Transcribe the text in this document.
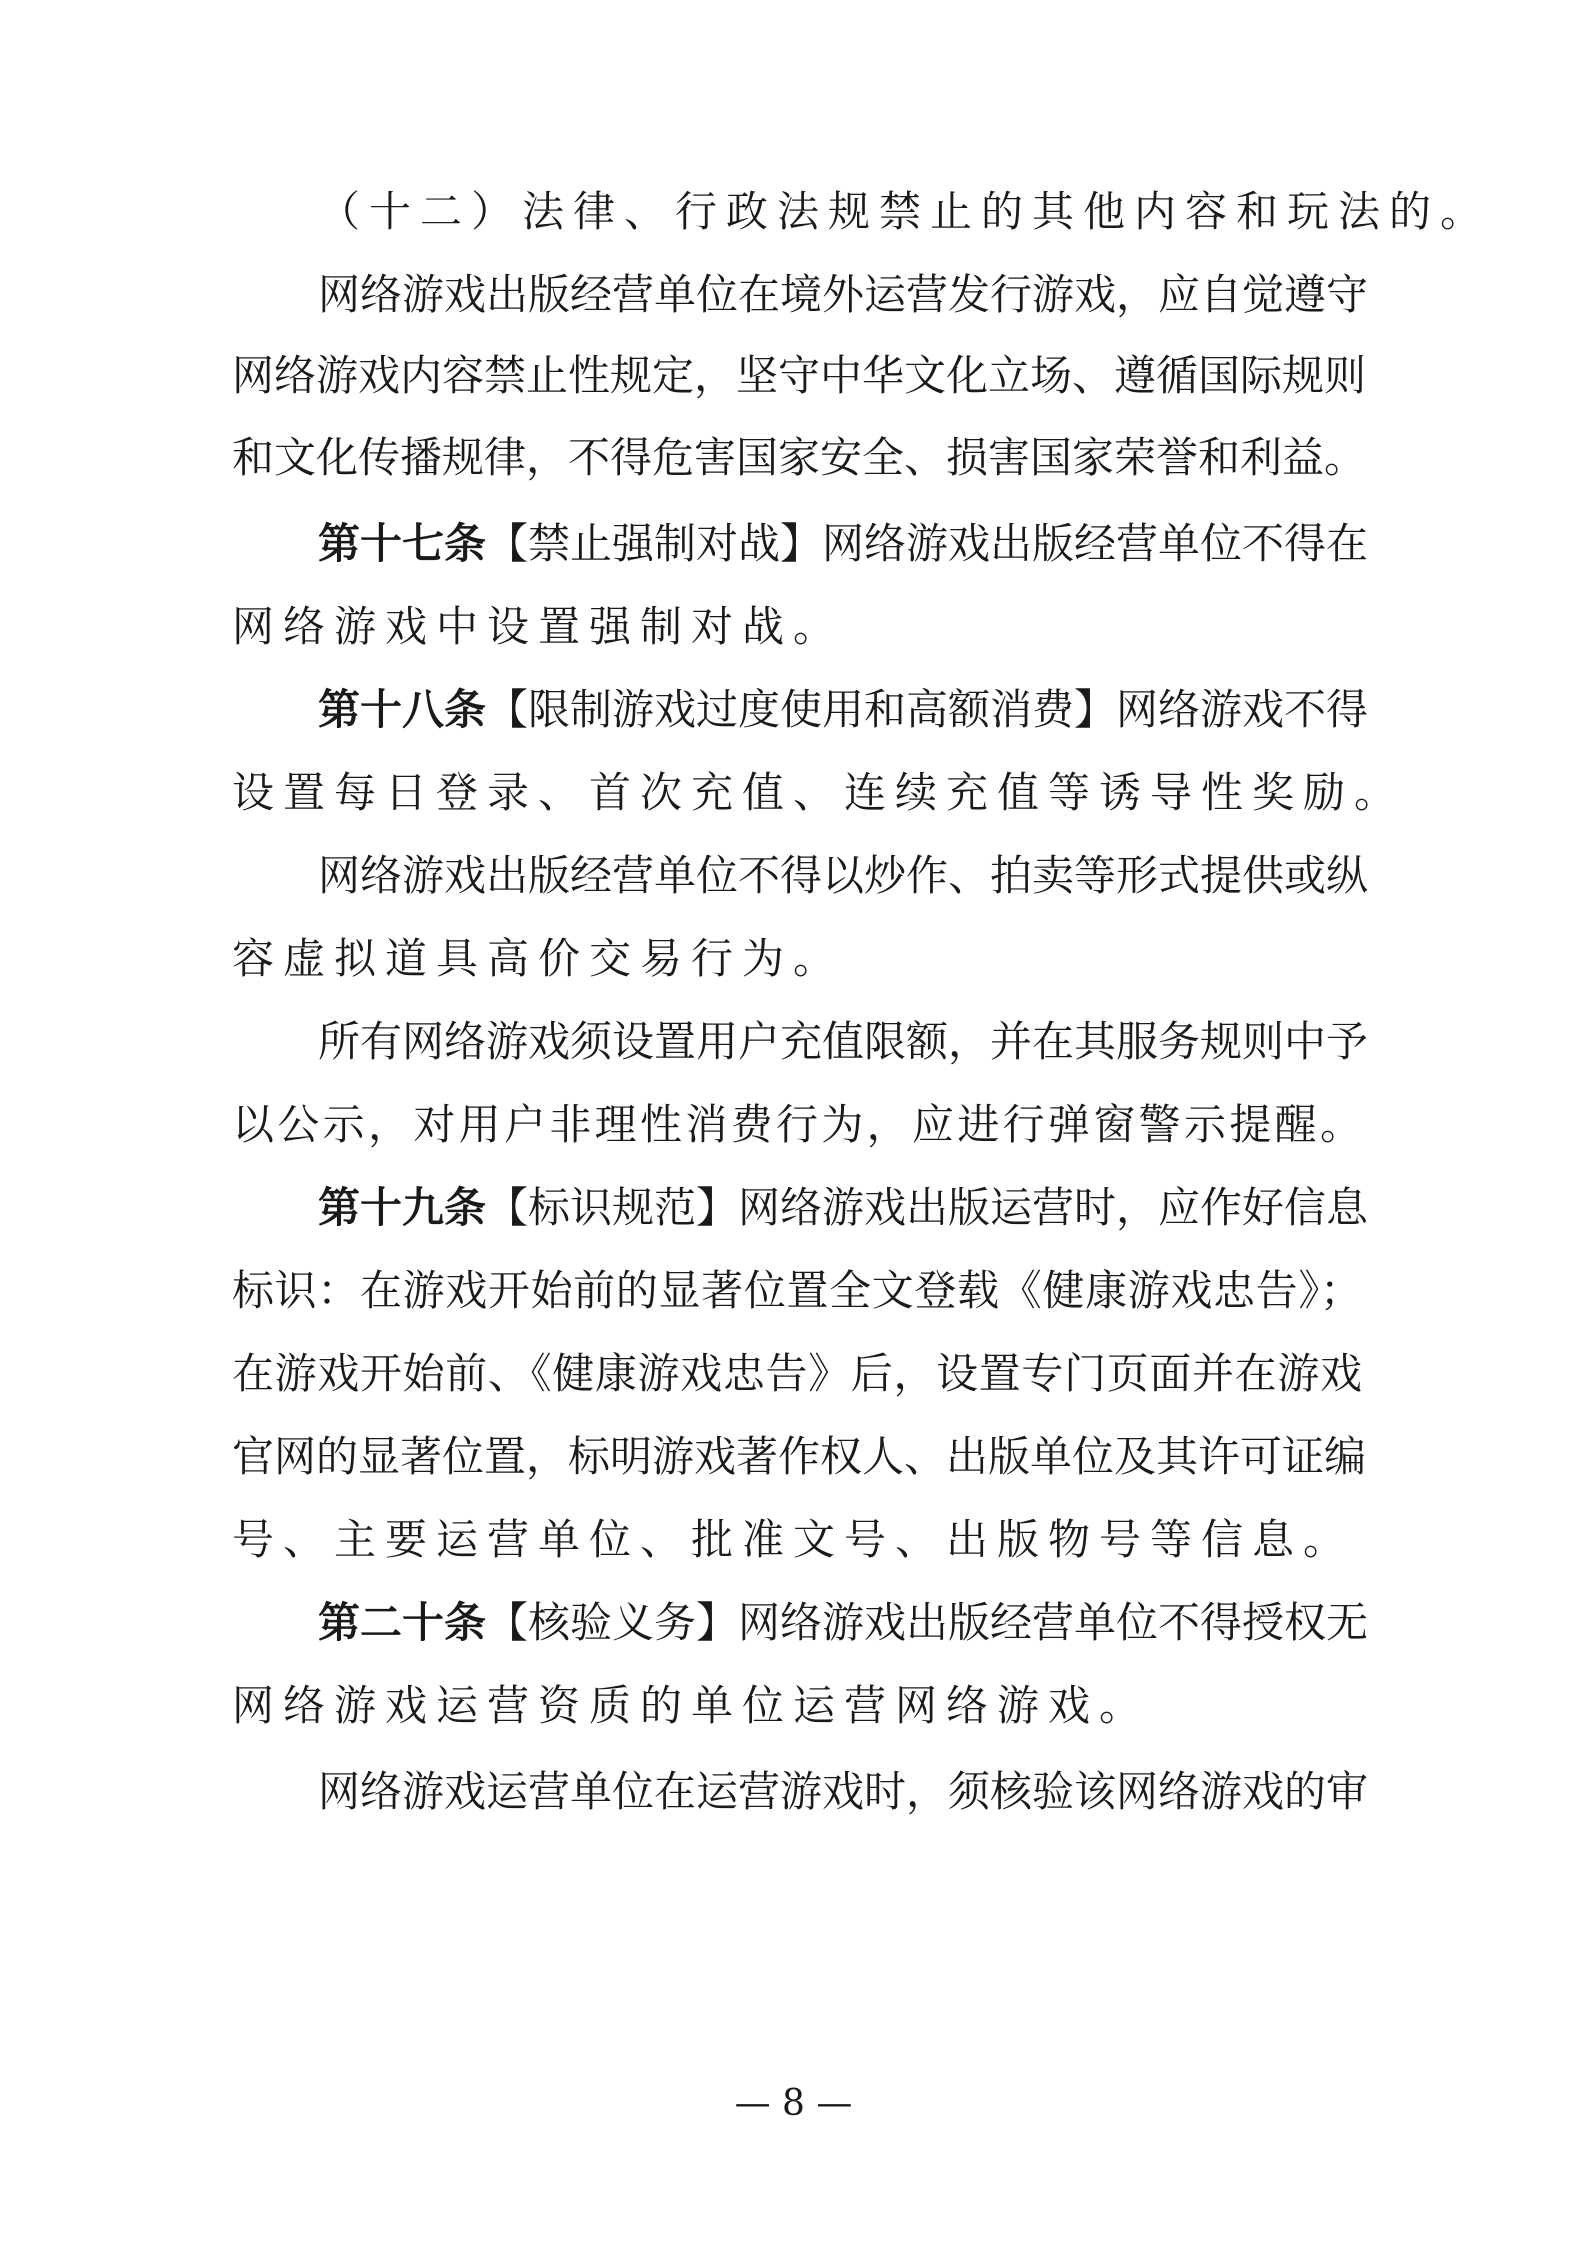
（十二）法律、行政法规禁止的其他内容和玩法的。
网络游戏出版经营单位在境外运营发行游戏，应自觉遵守
网络游戏内容禁止性规定，坚守中华文化立场、遵循国际规则
和文化传播规律，不得危害国家安全、损害国家荣誉和利益。
第十七条【禁止强制对战】网络游戏出版经营单位不得在
网络游戏中设置强制对战。
第十八条【限制游戏过度使用和高额消费】网络游戏不得
设置每日登录、首次充值、连续充值等诱导性奖励。
网络游戏出版经营单位不得以炒作、拍卖等形式提供或纵
容虚拟道具高价交易行为。
所有网络游戏须设置用户充值限额，并在其服务规则中予
以公示，对用户非理性消费行为，应进行弹窗警示提醒。
第十九条【标识规范】网络游戏出版运营时，应作好信息
标识：在游戏开始前的显著位置全文登载《健康游戏忠告》；
在游戏开始前、《健康游戏忠告》后，设置专门页面并在游戏
官网的显著位置，标明游戏著作权人、出版单位及其许可证编
号、主要运营单位、批准文号、出版物号等信息。
第二十条【核验义务】网络游戏出版经营单位不得授权无
网络游戏运营资质的单位运营网络游戏。
网络游戏运营单位在运营游戏时，须核验该网络游戏的审
— 8 —
